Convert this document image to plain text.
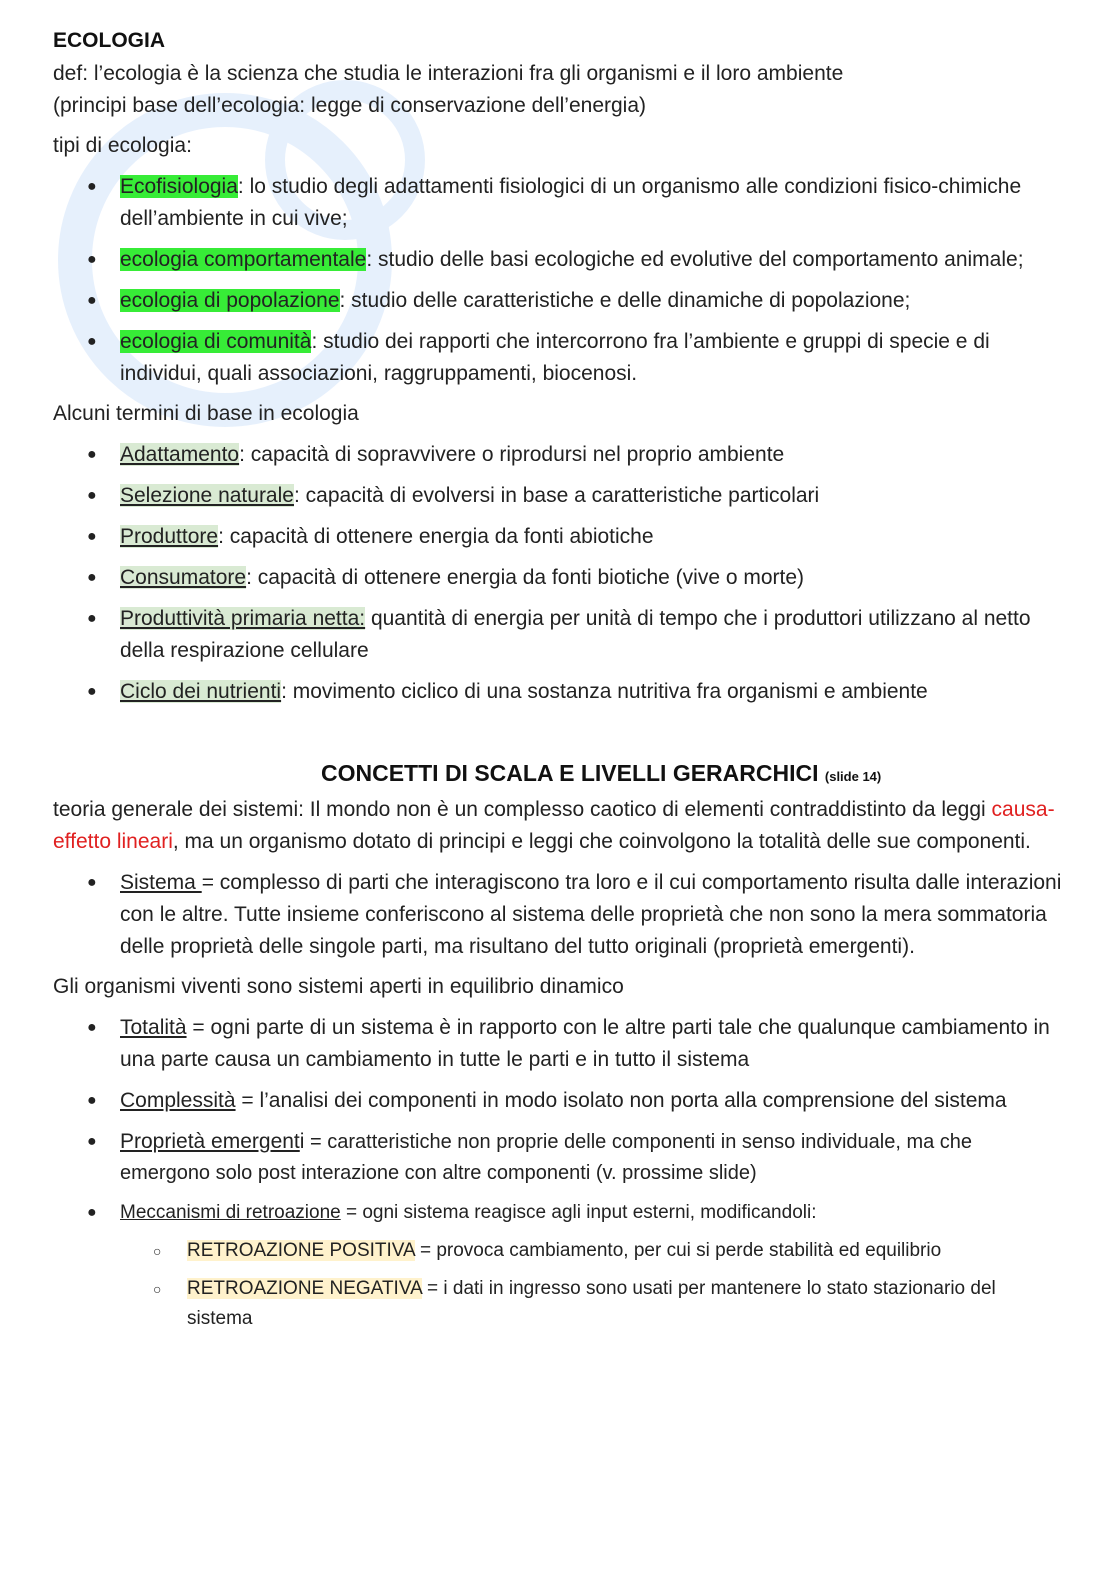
ECOLOGIA

def: l’ecologia è la scienza che studia le interazioni fra gli organismi e il loro ambiente

(principi base dell’ecologia: legge di conservazione dell’energia)

tipi di ecologia:

● Ecofisiologia: lo studio degli adattamenti fisiologici di un organismo alle condizioni fisico-chimiche dell’ambiente in cui vive;
● ecologia comportamentale: studio delle basi ecologiche ed evolutive del comportamento animale;
● ecologia di popolazione: studio delle caratteristiche e delle dinamiche di popolazione;
● ecologia di comunità: studio dei rapporti che intercorrono fra l’ambiente e gruppi di specie e di individui, quali associazioni, raggruppamenti, biocenosi.

Alcuni termini di base in ecologia

● Adattamento: capacità di sopravvivere o riprodursi nel proprio ambiente
● Selezione naturale: capacità di evolversi in base a caratteristiche particolari
● Produttore: capacità di ottenere energia da fonti abiotiche
● Consumatore: capacità di ottenere energia da fonti biotiche (vive o morte)
● Produttività primaria netta: quantità di energia per unità di tempo che i produttori utilizzano al netto della respirazione cellulare
● Ciclo dei nutrienti: movimento ciclico di una sostanza nutritiva fra organismi e ambiente
CONCETTI DI SCALA E LIVELLI GERARCHICI (slide 14)

teoria generale dei sistemi: Il mondo non è un complesso caotico di elementi contraddistinto da leggi causa-effetto lineari, ma un organismo dotato di principi e leggi che coinvolgono la totalità delle sue componenti.

● Sistema = complesso di parti che interagiscono tra loro e il cui comportamento risulta dalle interazioni con le altre. Tutte insieme conferiscono al sistema delle proprietà che non sono la mera sommatoria delle proprietà delle singole parti, ma risultano del tutto originali (proprietà emergenti).

Gli organismi viventi sono sistemi aperti in equilibrio dinamico

● Totalità = ogni parte di un sistema è in rapporto con le altre parti tale che qualunque cambiamento in una parte causa un cambiamento in tutte le parti e in tutto il sistema
● Complessità = l’analisi dei componenti in modo isolato non porta alla comprensione del sistema
● Proprietà emergenti = caratteristiche non proprie delle componenti in senso individuale, ma che emergono solo post interazione con altre componenti (v. prossime slide)
● Meccanismi di retroazione = ogni sistema reagisce agli input esterni, modificandoli:
○ RETROAZIONE POSITIVA = provoca cambiamento, per cui si perde stabilità ed equilibrio
○ RETROAZIONE NEGATIVA = i dati in ingresso sono usati per mantenere lo stato stazionario del sistema
